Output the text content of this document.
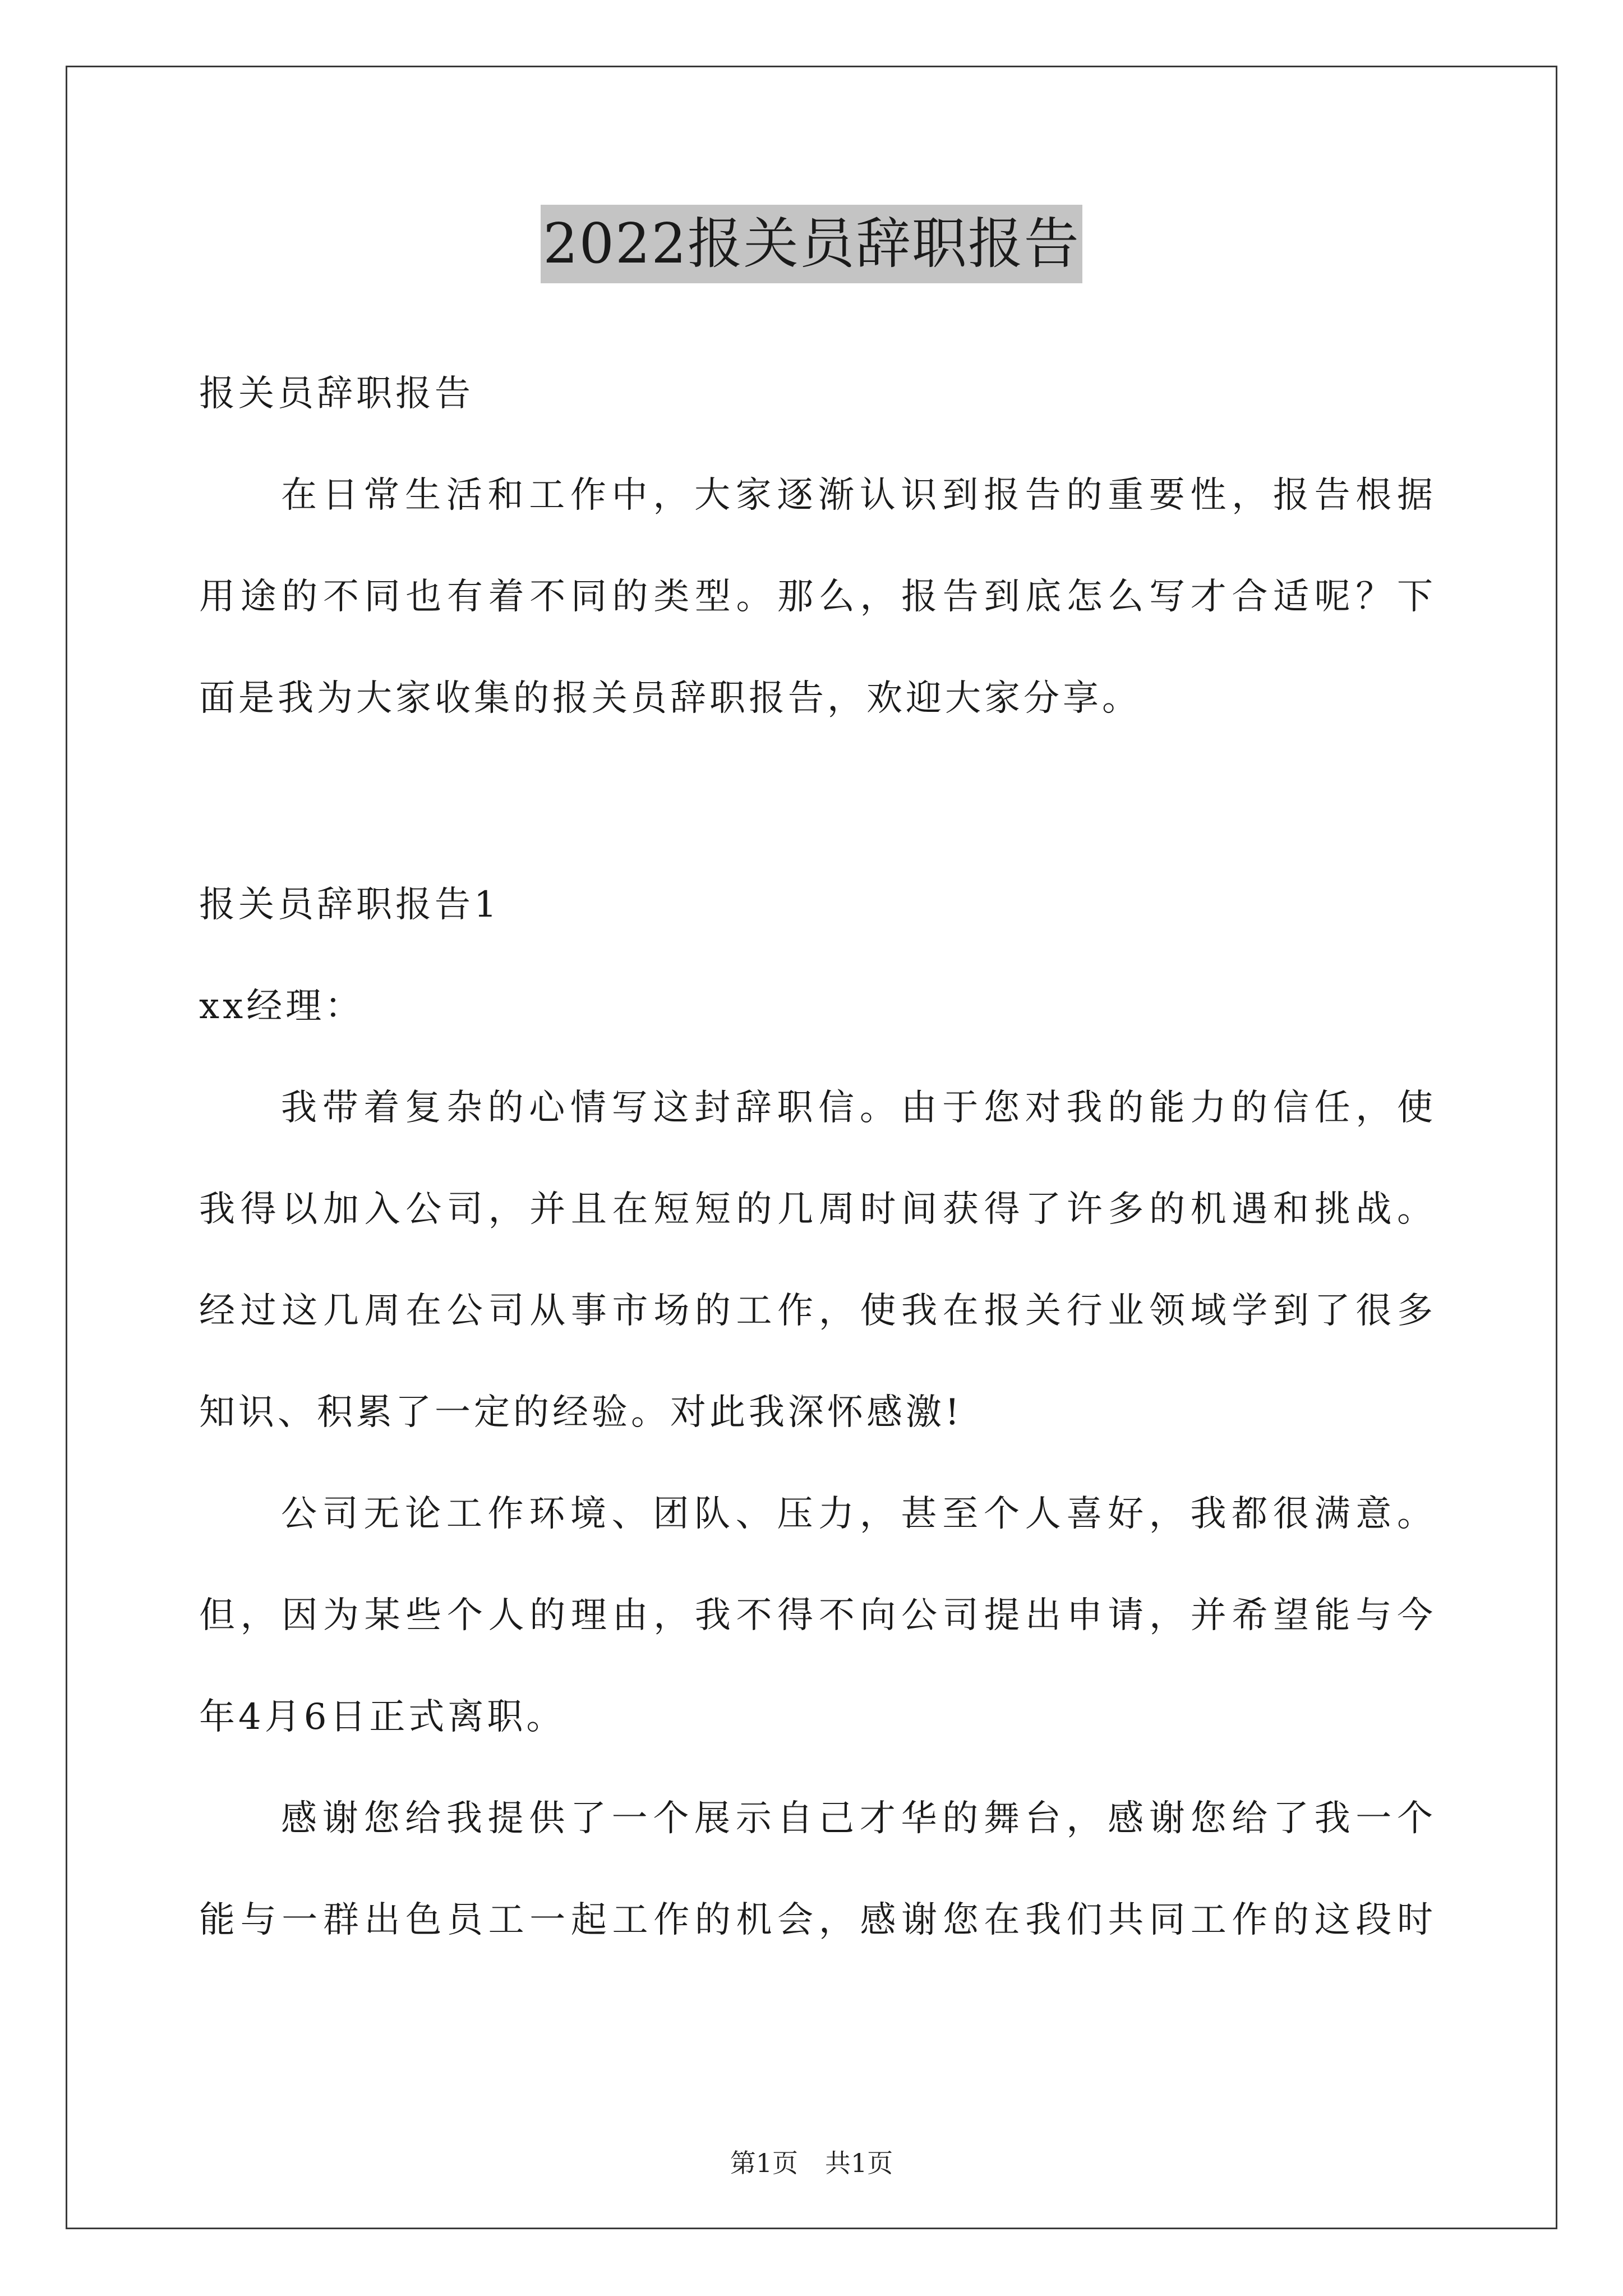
2022报关员辞职报告
报关员辞职报告
在日常生活和工作中，大家逐渐认识到报告的重要性，报告根据
用途的不同也有着不同的类型。那么，报告到底怎么写才合适呢？下
面是我为大家收集的报关员辞职报告，欢迎大家分享。
报关员辞职报告1
xx经理：
我带着复杂的心情写这封辞职信。由于您对我的能力的信任，使
我得以加入公司，并且在短短的几周时间获得了许多的机遇和挑战。
经过这几周在公司从事市场的工作，使我在报关行业领域学到了很多
知识、积累了一定的经验。对此我深怀感激!
公司无论工作环境、团队、压力，甚至个人喜好，我都很满意。
但，因为某些个人的理由，我不得不向公司提出申请，并希望能与今
年4月6日正式离职。
感谢您给我提供了一个展示自己才华的舞台，感谢您给了我一个
能与一群出色员工一起工作的机会，感谢您在我们共同工作的这段时
第1页 共1页
